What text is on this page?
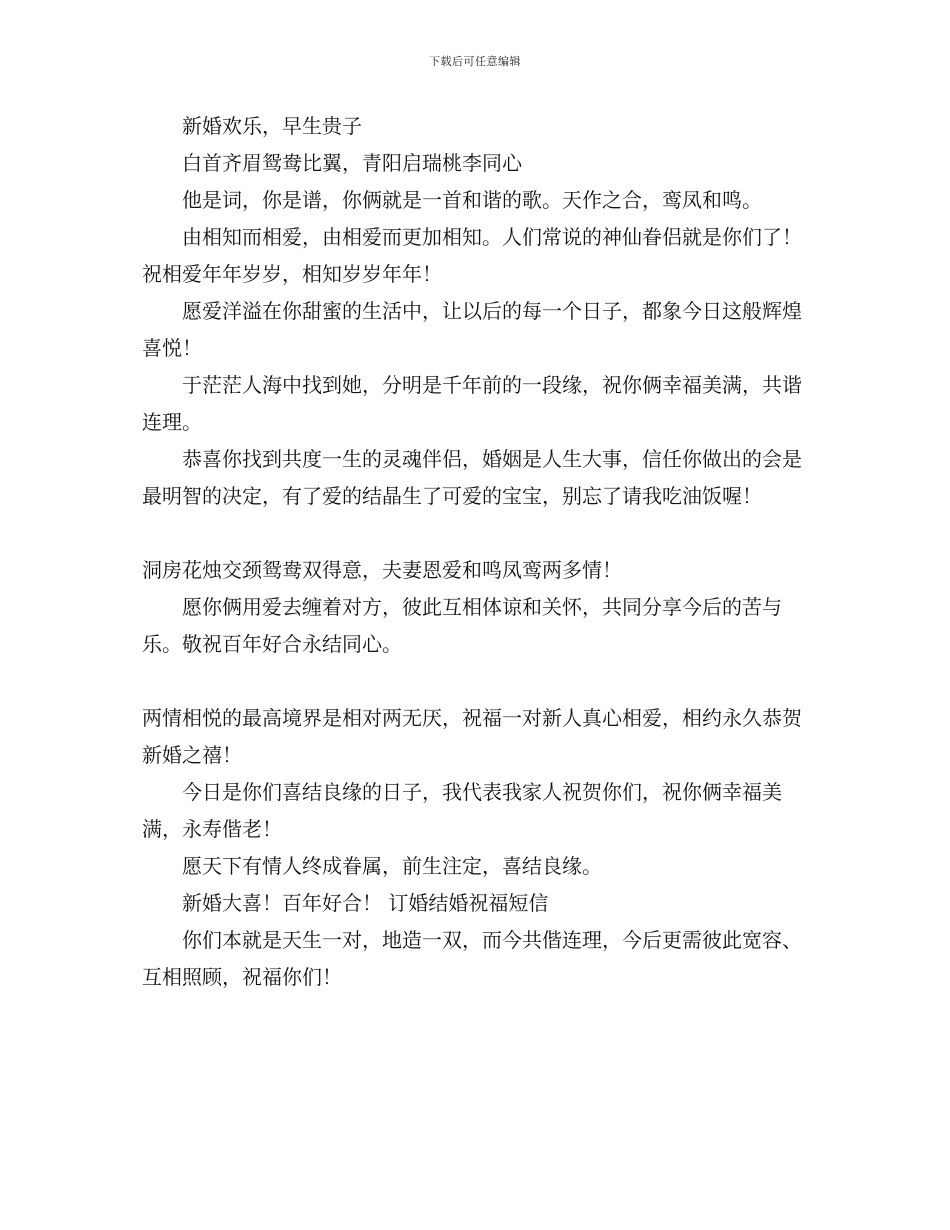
下载后可任意编辑

新婚欢乐，早生贵子

白首齐眉鸳鸯比翼，青阳启瑞桃李同心

他是词，你是谱，你俩就是一首和谐的歌。天作之合，鸾凤和鸣。

由相知而相爱，由相爱而更加相知。人们常说的神仙眷侣就是你们了！祝相爱年年岁岁，相知岁岁年年！

愿爱洋溢在你甜蜜的生活中，让以后的每一个日子，都象今日这般辉煌喜悦！

于茫茫人海中找到她，分明是千年前的一段缘，祝你俩幸福美满，共谐连理。

恭喜你找到共度一生的灵魂伴侣，婚姻是人生大事，信任你做出的会是最明智的决定，有了爱的结晶生了可爱的宝宝，别忘了请我吃油饭喔！

洞房花烛交颈鸳鸯双得意，夫妻恩爱和鸣凤鸾两多情！

愿你俩用爱去缠着对方，彼此互相体谅和关怀，共同分享今后的苦与乐。敬祝百年好合永结同心。

两情相悦的最高境界是相对两无厌，祝福一对新人真心相爱，相约永久恭贺新婚之禧！

今日是你们喜结良缘的日子，我代表我家人祝贺你们，祝你俩幸福美满，永寿偕老！

愿天下有情人终成眷属，前生注定，喜结良缘。

新婚大喜！百年好合！ 订婚结婚祝福短信

你们本就是天生一对，地造一双，而今共偕连理，今后更需彼此宽容、互相照顾，祝福你们！
